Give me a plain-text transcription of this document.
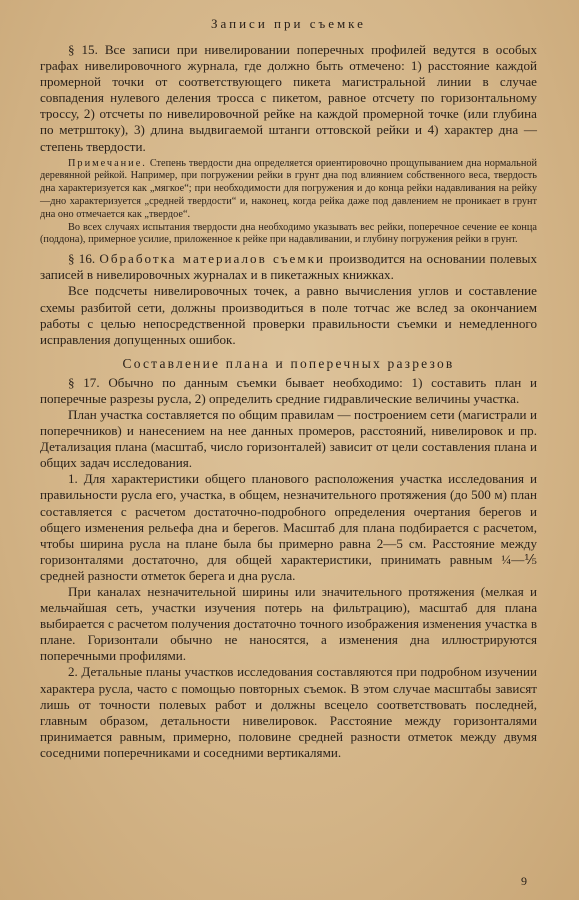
Записи при съемке

§ 15. Все записи при нивелировании поперечных профилей ведутся в особых графах нивелировочного журнала, где должно быть отмечено: 1) расстояние каждой промерной точки от соответствующего пикета магистральной линии в случае совпадения нулевого деления тросса с пикетом, равное отсчету по горизонтальному троссу, 2) отсчеты по нивелировочной рейке на каждой промерной точке (или глубина по метрштоку), 3) длина выдвигаемой штанги оттовской рейки и 4) характер дна — степень твердости.

Примечание. Степень твердости дна определяется ориентировочно прощупыванием дна нормальной деревянной рейкой. Например, при погружении рейки в грунт дна под влиянием собственного веса, твердость дна характеризуется как „мягкое“; при необходимости для погружения и до конца рейки надавливания на рейку—дно характеризуется „средней твердости“ и, наконец, когда рейка даже под давлением не проникает в грунт дна оно отмечается как „твердое“.

Во всех случаях испытания твердости дна необходимо указывать вес рейки, поперечное сечение ее конца (поддона), примерное усилие, приложенное к рейке при надавливании, и глубину погружения рейки в грунт.

§ 16. Обработка материалов съемки производится на основании полевых записей в нивелировочных журналах и в пикетажных книжках.

Все подсчеты нивелировочных точек, а равно вычисления углов и составление схемы разбитой сети, должны производиться в поле тотчас же вслед за окончанием работы с целью непосредственной проверки правильности съемки и немедленного исправления допущенных ошибок.

Составление плана и поперечных разрезов

§ 17. Обычно по данным съемки бывает необходимо: 1) составить план и поперечные разрезы русла, 2) определить средние гидравлические величины участка.

План участка составляется по общим правилам — построением сети (магистрали и поперечников) и нанесением на нее данных промеров, расстояний, нивелировок и пр. Детализация плана (масштаб, число горизонталей) зависит от цели составления плана и общих задач исследования.

1. Для характеристики общего планового расположения участка исследования и правильности русла его, участка, в общем, незначительного протяжения (до 500 м) план составляется с расчетом достаточно-подробного определения очертания берегов и общего изменения рельефа дна и берегов. Масштаб для плана подбирается с расчетом, чтобы ширина русла на плане была бы примерно равна 2—5 см. Расстояние между горизонталями достаточно, для общей характеристики, принимать равным ¼—⅕ средней разности отметок берега и дна русла.

При каналах незначительной ширины или значительного протяжения (мелкая и мельчайшая сеть, участки изучения потерь на фильтрацию), масштаб для плана выбирается с расчетом получения достаточно точного изображения изменения участка в плане. Горизонтали обычно не наносятся, а изменения дна иллюстрируются поперечными профилями.

2. Детальные планы участков исследования составляются при подробном изучении характера русла, часто с помощью повторных съемок. В этом случае масштабы зависят лишь от точности полевых работ и должны всецело соответствовать последней, главным образом, детальности нивелировок. Расстояние между горизонталями принимается равным, примерно, половине средней разности отметок между двумя соседними поперечниками и соседними вертикалями.

9
